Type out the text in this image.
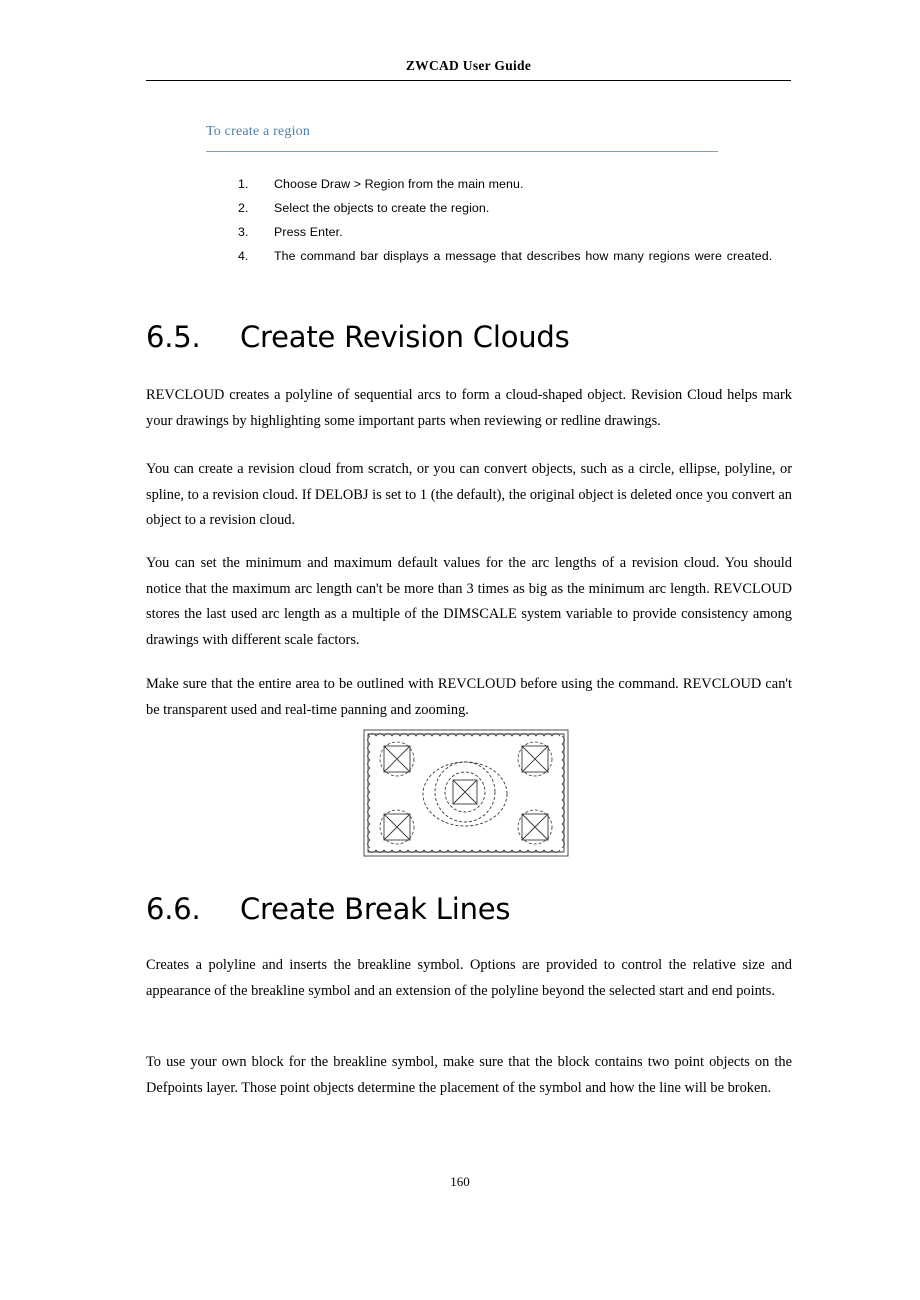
ZWCAD User Guide
To create a region
1.	Choose Draw > Region from the main menu.
2.	Select the objects to create the region.
3.	Press Enter.
4.	The command bar displays a message that describes how many regions were created.
6.5. Create Revision Clouds
REVCLOUD creates a polyline of sequential arcs to form a cloud-shaped object. Revision Cloud helps mark your drawings by highlighting some important parts when reviewing or redline drawings.
You can create a revision cloud from scratch, or you can convert objects, such as a circle, ellipse, polyline, or spline, to a revision cloud. If DELOBJ is set to 1 (the default), the original object is deleted once you convert an object to a revision cloud.
You can set the minimum and maximum default values for the arc lengths of a revision cloud. You should notice that the maximum arc length can't be more than 3 times as big as the minimum arc length. REVCLOUD stores the last used arc length as a multiple of the DIMSCALE system variable to provide consistency among drawings with different scale factors.
Make sure that the entire area to be outlined with REVCLOUD before using the command. REVCLOUD can't be transparent used and real-time panning and zooming.
6.6. Create Break Lines
Creates a polyline and inserts the breakline symbol. Options are provided to control the relative size and appearance of the breakline symbol and an extension of the polyline beyond the selected start and end points.
To use your own block for the breakline symbol, make sure that the block contains two point objects on the Defpoints layer. Those point objects determine the placement of the symbol and how the line will be broken.
160
